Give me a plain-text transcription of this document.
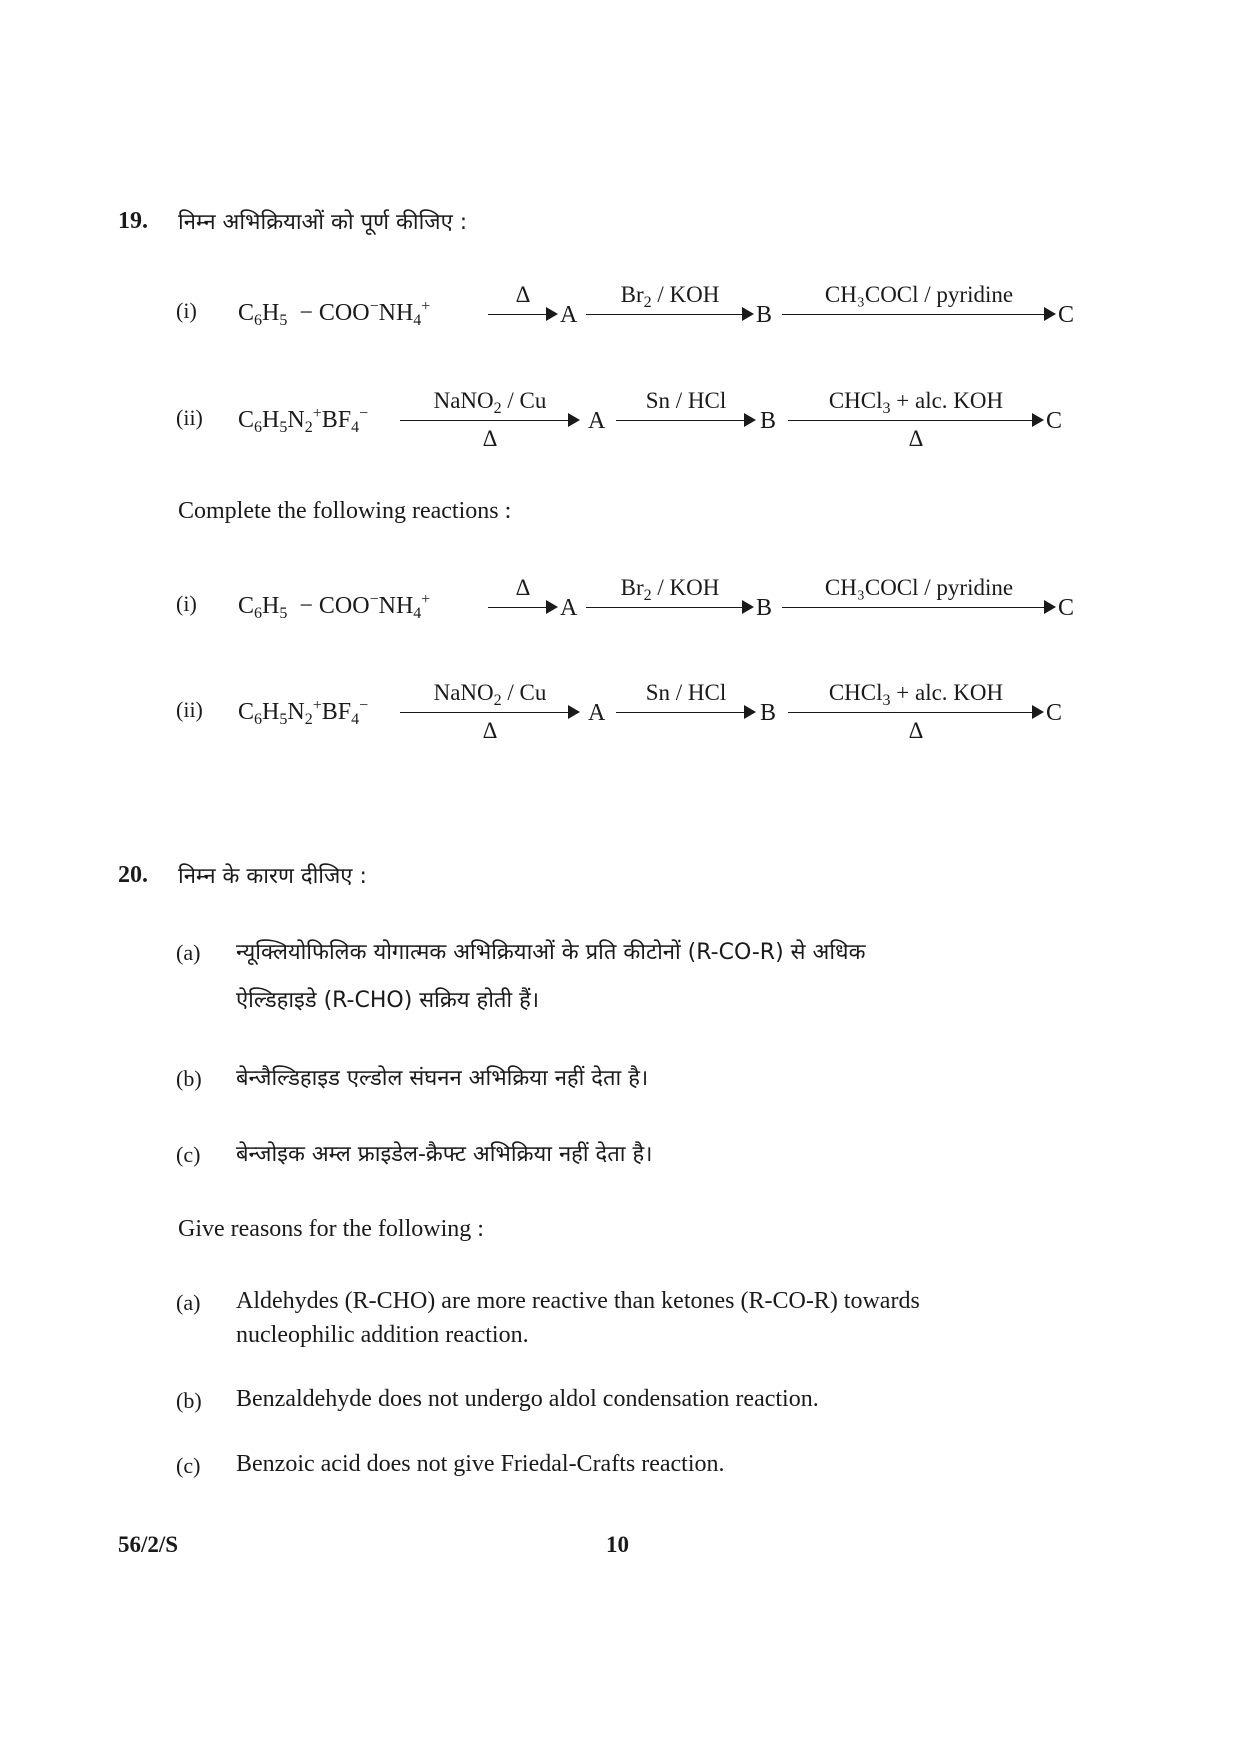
19. निम्न अभिक्रियाओं को पूर्ण कीजिए :
(i) $C_6H_5 - COO^-NH_4^+$	Δ
A
$Br_2$ / KOH
B
CH₃COCl / pyridine
C
(ii) $C_6H_5N_2^+BF_4^-$
NaNO$_2$ / Cu
Δ
A
Sn / HCl
B
CHCl$_3$ + alc. KOH
Δ
C
Complete the following reactions :
(i) $C_6H_5 - COO^-NH_4^+$	Δ
A
$Br_2$ / KOH
B
CH₃COCl / pyridine
C
(ii) $C_6H_5N_2^+BF_4^-$
NaNO$_2$ / Cu
Δ
A
Sn / HCl
B
CHCl$_3$ + alc. KOH
Δ
C
20. निम्न के कारण दीजिए :
(a) न्यूक्लियोफिलिक योगात्मक अभिक्रियाओं के प्रति कीटोनों (R-CO-R) से अधिक
ऐल्डिहाइडे (R-CHO) सक्रिय होती हैं।
(b) बेन्जैल्डिहाइड एल्डोल संघनन अभिक्रिया नहीं देता है।
(c) बेन्जोइक अम्ल फ्राइडेल-क्रैफ्ट अभिक्रिया नहीं देता है।
Give reasons for the following :
(a) Aldehydes (R-CHO) are more reactive than ketones (R-CO-R) towards
nucleophilic addition reaction.
(b) Benzaldehyde does not undergo aldol condensation reaction.
(c) Benzoic acid does not give Friedal-Crafts reaction.
56/2/S	10
